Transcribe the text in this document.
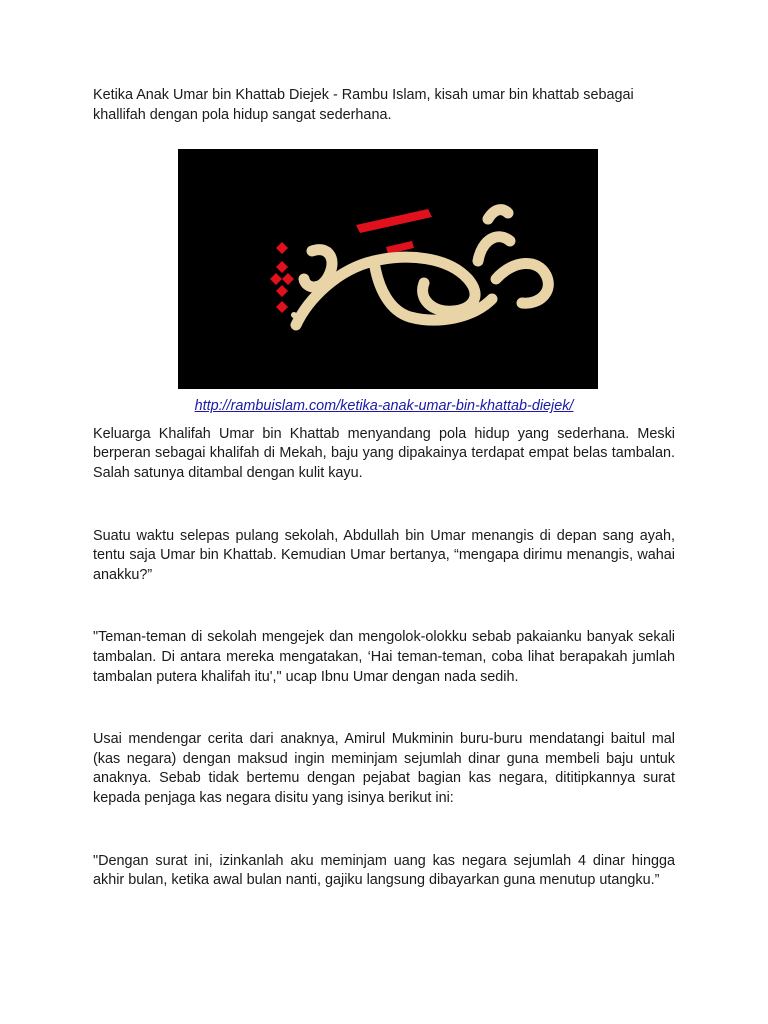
Ketika Anak Umar bin Khattab Diejek - Rambu Islam, kisah umar bin khattab sebagai khallifah dengan pola hidup sangat sederhana.

http://rambuislam.com/ketika-anak-umar-bin-khattab-diejek/

Keluarga Khalifah Umar bin Khattab menyandang pola hidup yang sederhana. Meski berperan sebagai khalifah di Mekah, baju yang dipakainya terdapat empat belas tambalan. Salah satunya ditambal dengan kulit kayu.

Suatu waktu selepas pulang sekolah, Abdullah bin Umar menangis di depan sang ayah, tentu saja Umar bin Khattab. Kemudian Umar bertanya, “mengapa dirimu menangis, wahai anakku?”

"Teman-teman di sekolah mengejek dan mengolok-olokku sebab pakaianku banyak sekali tambalan. Di antara mereka mengatakan, ‘Hai teman-teman, coba lihat berapakah jumlah tambalan putera khalifah itu'," ucap Ibnu Umar dengan nada sedih.

Usai mendengar cerita dari anaknya, Amirul Mukminin buru-buru mendatangi baitul mal (kas negara) dengan maksud ingin meminjam sejumlah dinar guna membeli baju untuk anaknya. Sebab tidak bertemu dengan pejabat bagian kas negara, dititipkannya surat kepada penjaga kas negara disitu yang isinya berikut ini:

"Dengan surat ini, izinkanlah aku meminjam uang kas negara sejumlah 4 dinar hingga akhir bulan, ketika awal bulan nanti, gajiku langsung dibayarkan guna menutup utangku.”
